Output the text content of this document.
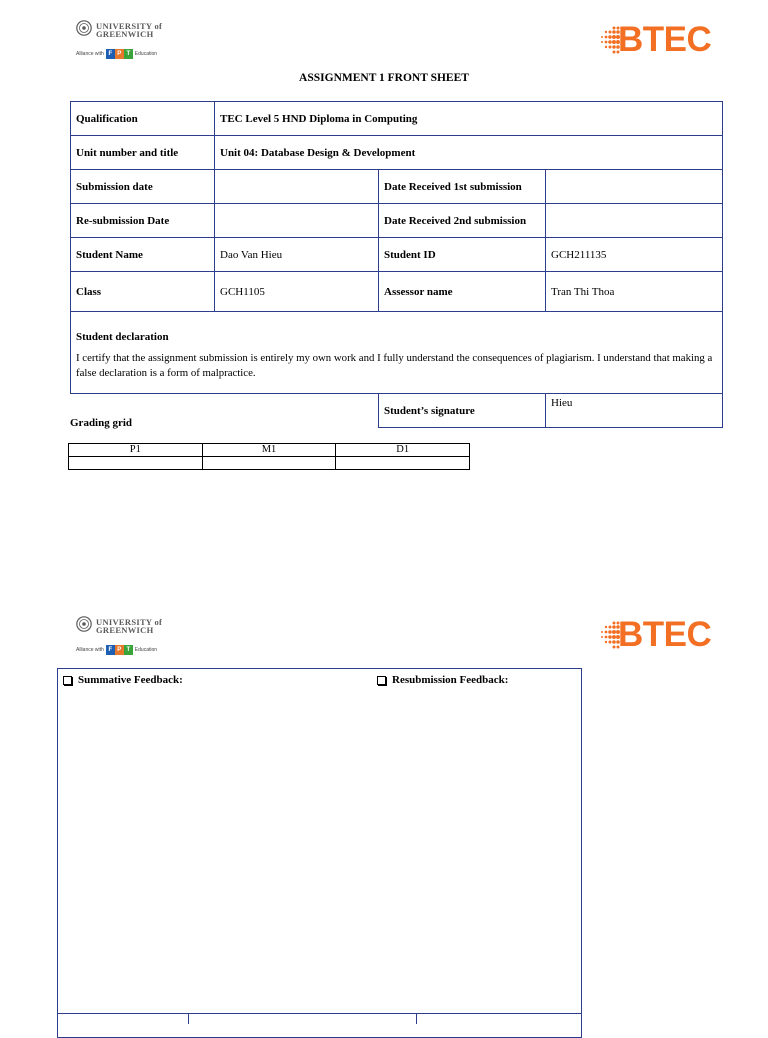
UNIVERSITY of
GREENWICH
Alliance with F P T Education	BTEC
ASSIGNMENT 1 FRONT SHEET
Qualification	TEC Level 5 HND Diploma in Computing		
Unit number and title	Unit 04: Database Design & Development		
Submission date		Date Received 1st submission	
Re-submission Date		Date Received 2nd submission	
Student Name	Dao Van Hieu	Student ID	GCH211135
Class	GCH1105	Assessor name	Tran Thi Thoa

Student declaration
I certify that the assignment submission is entirely my own work and I fully understand the consequences of plagiarism. I understand that making a false declaration is a form of malpractice.			

		Student’s signature	Hieu
Grading grid
P1	M1	D1

UNIVERSITY of
GREENWICH
Alliance with F P T Education	BTEC
Summative Feedback:	Resubmission Feedback:
